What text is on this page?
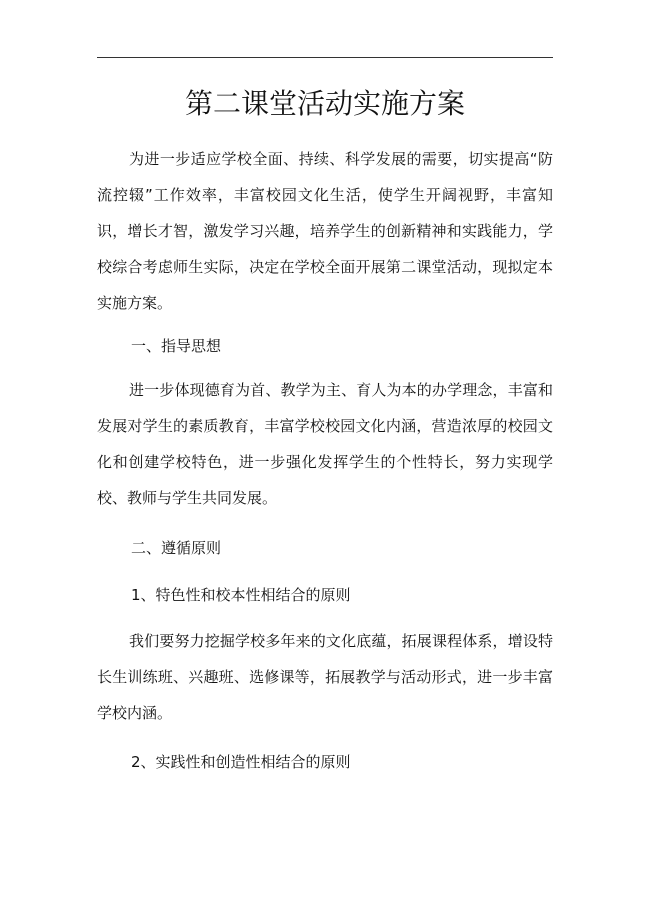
第二课堂活动实施方案

为进一步适应学校全面、持续、科学发展的需要，切实提高“防流控辍”工作效率，丰富校园文化生活，使学生开阔视野，丰富知识，增长才智，激发学习兴趣，培养学生的创新精神和实践能力，学校综合考虑师生实际，决定在学校全面开展第二课堂活动，现拟定本实施方案。

一、指导思想

进一步体现德育为首、教学为主、育人为本的办学理念，丰富和发展对学生的素质教育，丰富学校校园文化内涵，营造浓厚的校园文化和创建学校特色，进一步强化发挥学生的个性特长，努力实现学校、教师与学生共同发展。

二、遵循原则

1、特色性和校本性相结合的原则

我们要努力挖掘学校多年来的文化底蕴，拓展课程体系，增设特长生训练班、兴趣班、选修课等，拓展教学与活动形式，进一步丰富学校内涵。

2、实践性和创造性相结合的原则
